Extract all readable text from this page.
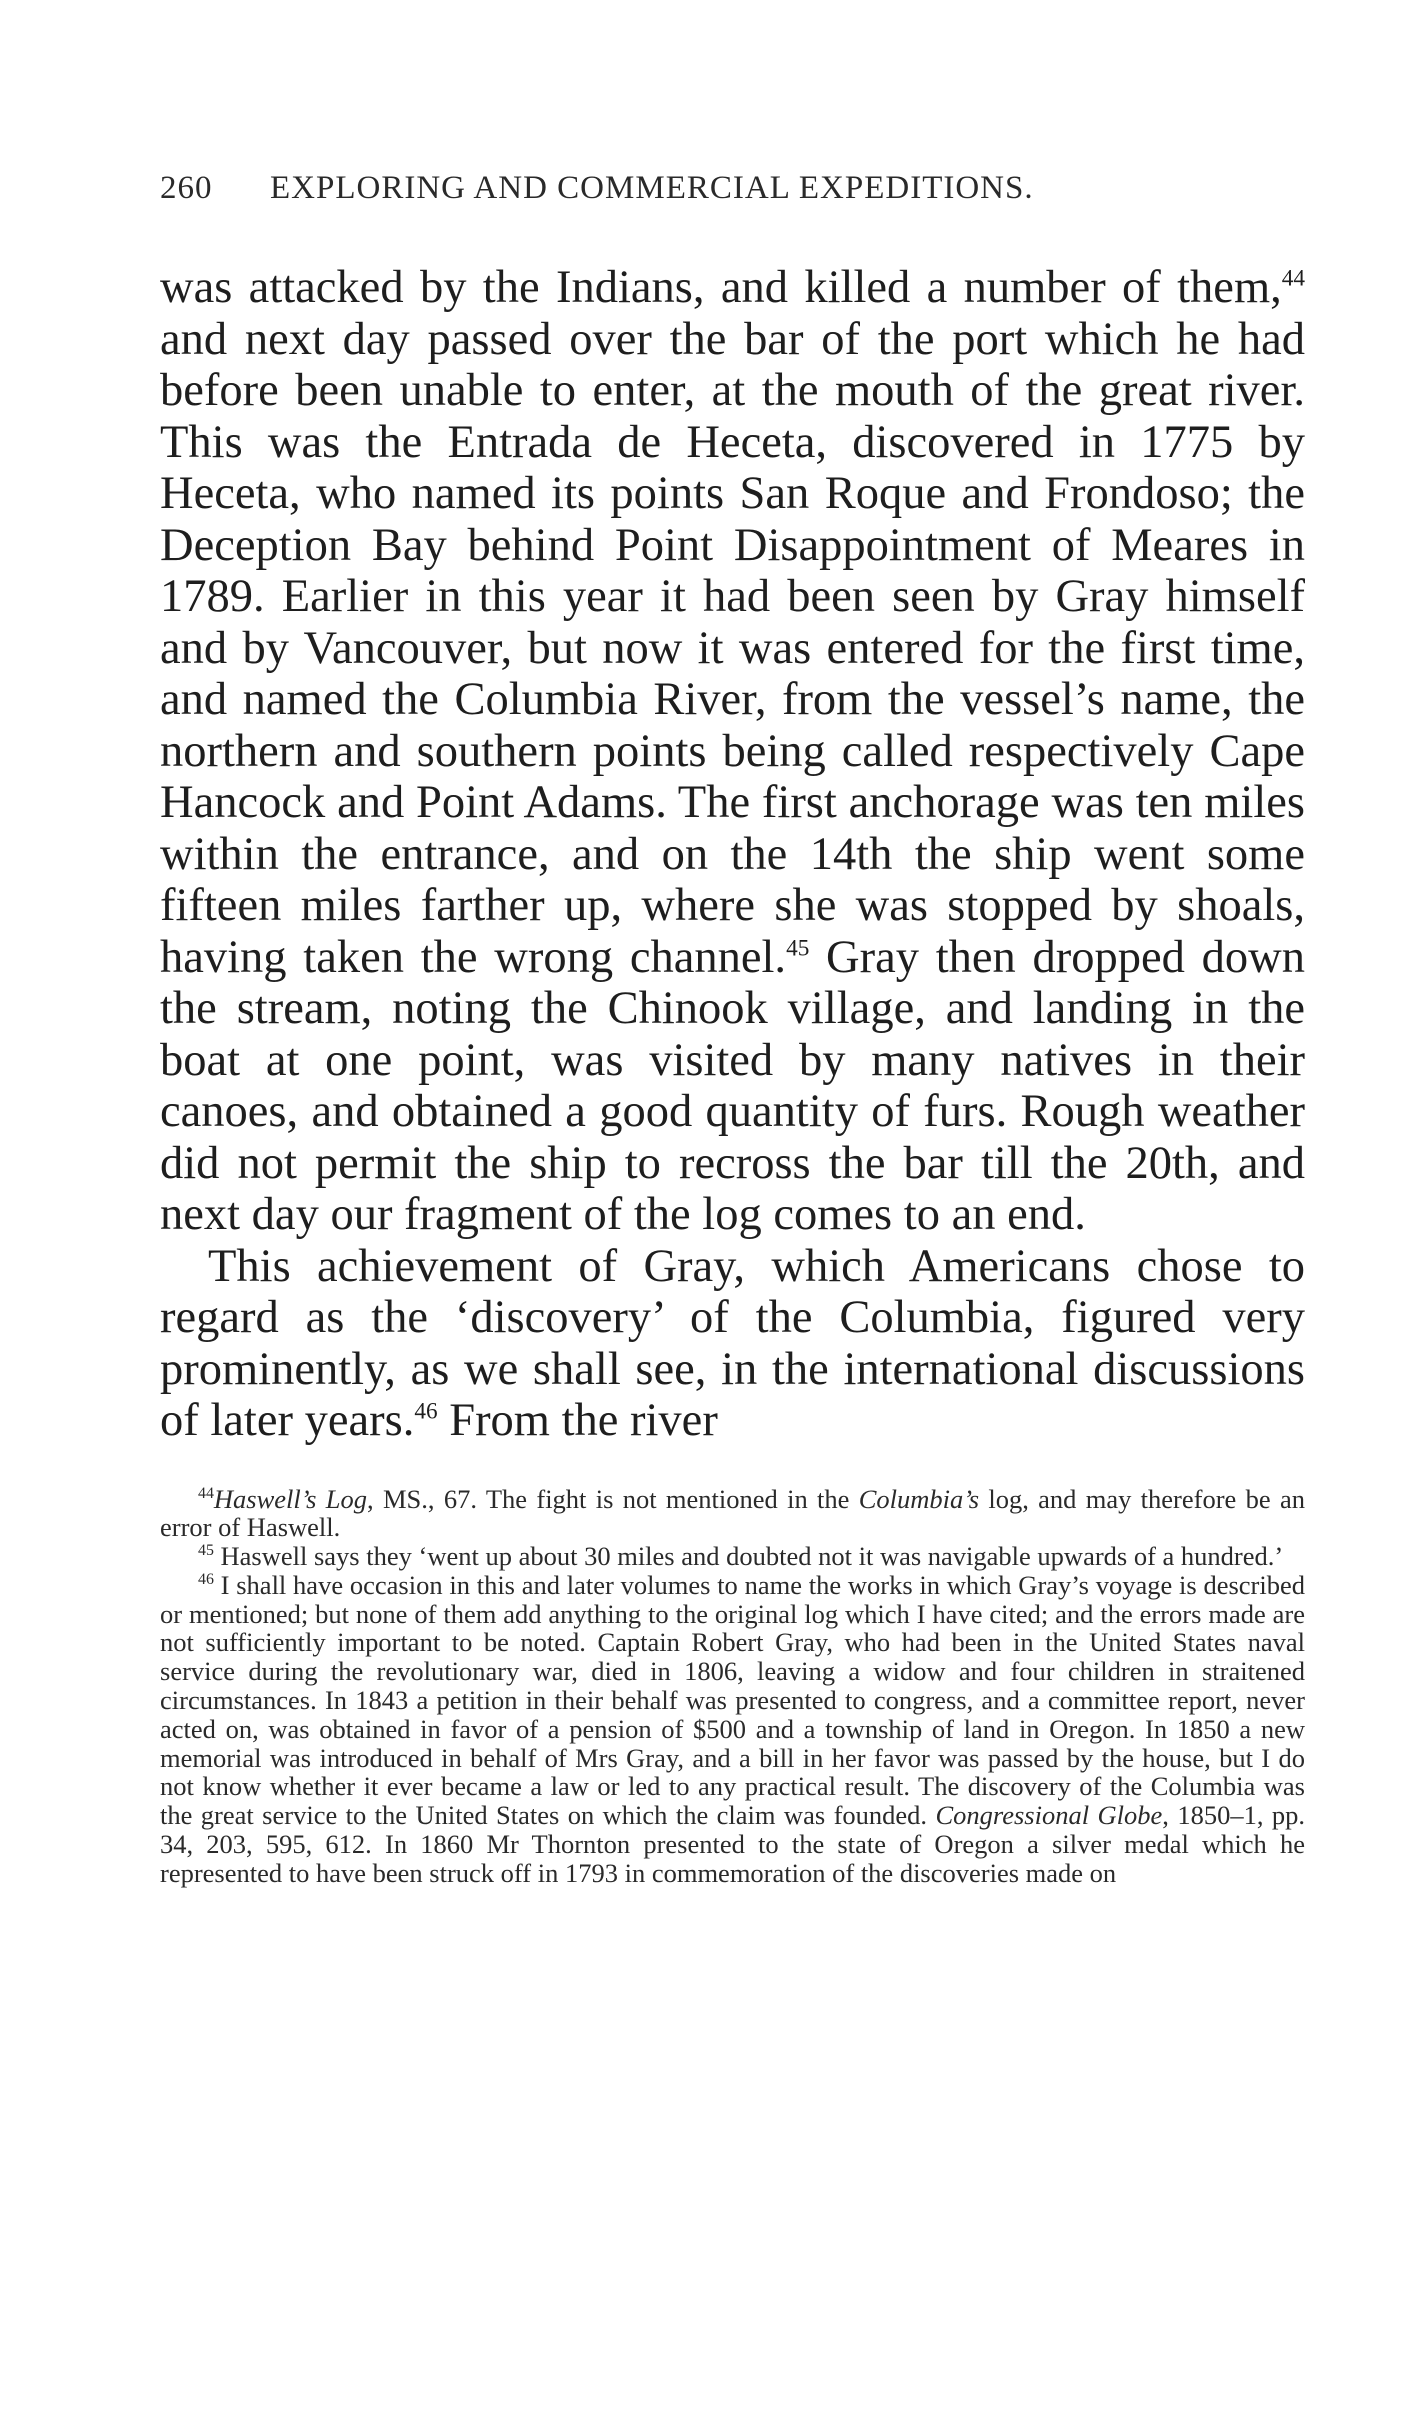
260	EXPLORING AND COMMERCIAL EXPEDITIONS.

was attacked by the Indians, and killed a number of them,$^{44}$ and next day passed over the bar of the port which he had before been unable to enter, at the mouth of the great river. This was the Entrada de Heceta, discovered in 1775 by Heceta, who named its points San Roque and Frondoso; the Deception Bay behind Point Disappointment of Meares in 1789. Earlier in this year it had been seen by Gray himself and by Vancouver, but now it was entered for the first time, and named the Columbia River, from the vessel’s name, the northern and southern points being called respectively Cape Hancock and Point Adams. The first anchorage was ten miles within the entrance, and on the 14th the ship went some fifteen miles farther up, where she was stopped by shoals, having taken the wrong channel.$^{45}$ Gray then dropped down the stream, noting the Chinook village, and landing in the boat at one point, was visited by many natives in their canoes, and obtained a good quantity of furs. Rough weather did not permit the ship to recross the bar till the 20th, and next day our fragment of the log comes to an end.

This achievement of Gray, which Americans chose to regard as the ‘discovery’ of the Columbia, figured very prominently, as we shall see, in the international discussions of later years.$^{46}$ From the river

$^{44}$Haswell’s Log, MS., 67. The fight is not mentioned in the Columbia’s log, and may therefore be an error of Haswell.

$^{45}$ Haswell says they ‘went up about 30 miles and doubted not it was navigable upwards of a hundred.’

$^{46}$ I shall have occasion in this and later volumes to name the works in which Gray’s voyage is described or mentioned; but none of them add anything to the original log which I have cited; and the errors made are not sufficiently important to be noted. Captain Robert Gray, who had been in the United States naval service during the revolutionary war, died in 1806, leaving a widow and four children in straitened circumstances. In 1843 a petition in their behalf was presented to congress, and a committee report, never acted on, was obtained in favor of a pension of $500 and a township of land in Oregon. In 1850 a new memorial was introduced in behalf of Mrs Gray, and a bill in her favor was passed by the house, but I do not know whether it ever became a law or led to any practical result. The discovery of the Columbia was the great service to the United States on which the claim was founded. Congressional Globe, 1850–1, pp. 34, 203, 595, 612. In 1860 Mr Thornton presented to the state of Oregon a silver medal which he represented to have been struck off in 1793 in commemoration of the discoveries made on
